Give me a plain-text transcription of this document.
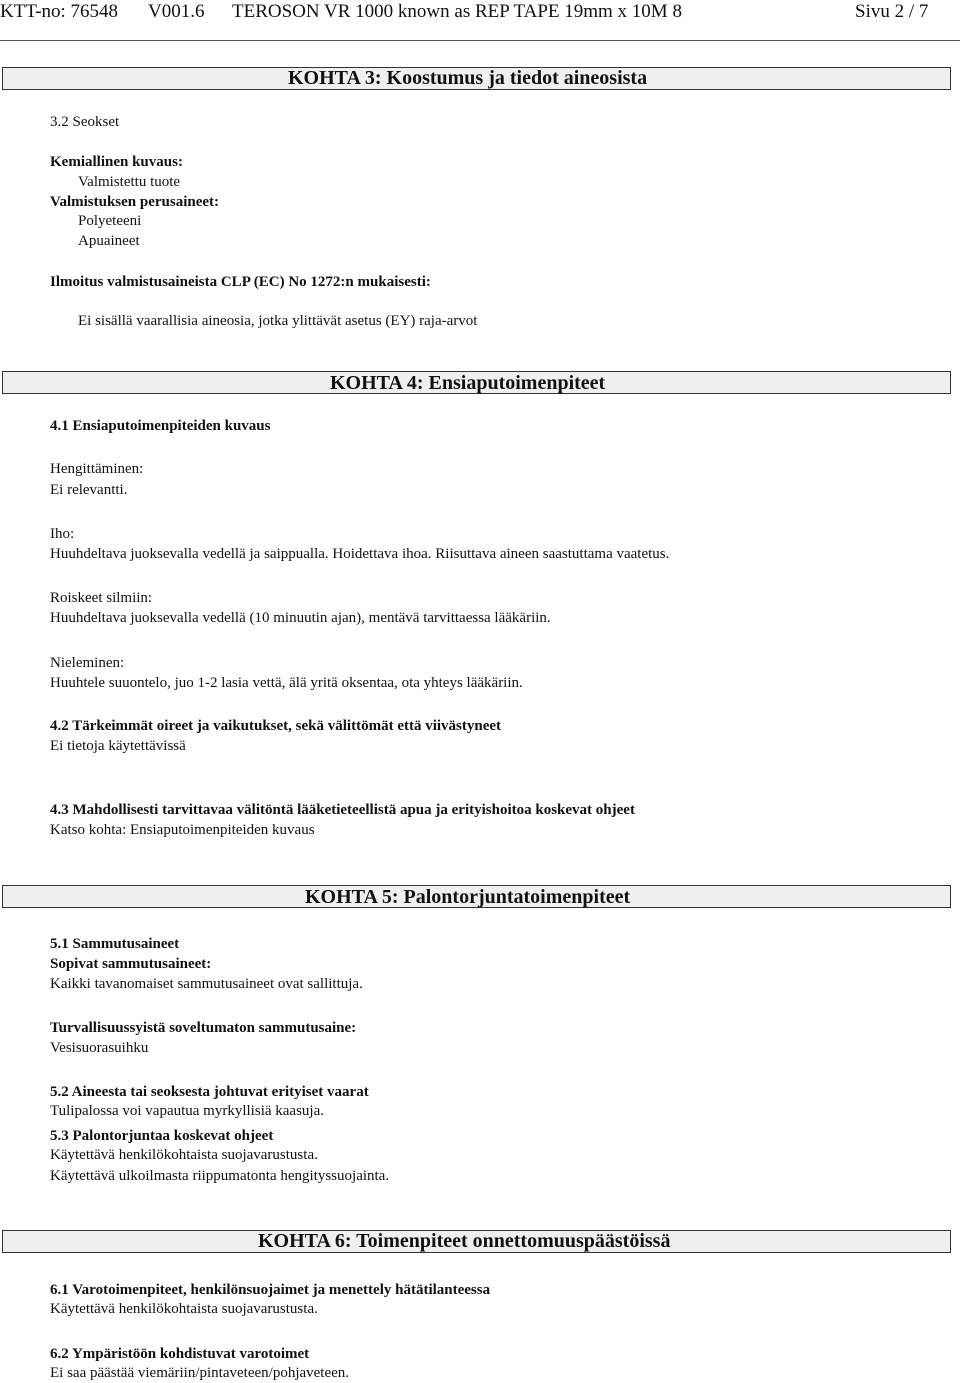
KTT-no: 76548 V001.6 TEROSON VR 1000 known as REP TAPE 19mm x 10M 8	Sivu 2 / 7
KOHTA 3: Koostumus ja tiedot aineosista
3.2 Seokset
Kemiallinen kuvaus:
Valmistettu tuote
Valmistuksen perusaineet:
Polyeteeni
Apuaineet
Ilmoitus valmistusaineista CLP (EC) No 1272:n mukaisesti:
Ei sisällä vaarallisia aineosia, jotka ylittävät asetus (EY) raja-arvot
KOHTA 4: Ensiaputoimenpiteet
4.1 Ensiaputoimenpiteiden kuvaus
Hengittäminen:
Ei relevantti.
Iho:
Huuhdeltava juoksevalla vedellä ja saippualla. Hoidettava ihoa. Riisuttava aineen saastuttama vaatetus.
Roiskeet silmiin:
Huuhdeltava juoksevalla vedellä (10 minuutin ajan), mentävä tarvittaessa lääkäriin.
Nieleminen:
Huuhtele suuontelo, juo 1-2 lasia vettä, älä yritä oksentaa, ota yhteys lääkäriin.
4.2 Tärkeimmät oireet ja vaikutukset, sekä välittömät että viivästyneet
Ei tietoja käytettävissä
4.3 Mahdollisesti tarvittavaa välitöntä lääketieteellistä apua ja erityishoitoa koskevat ohjeet
Katso kohta: Ensiaputoimenpiteiden kuvaus
KOHTA 5: Palontorjuntatoimenpiteet
5.1 Sammutusaineet
Sopivat sammutusaineet:
Kaikki tavanomaiset sammutusaineet ovat sallittuja.
Turvallisuussyistä soveltumaton sammutusaine:
Vesisuorasuihku
5.2 Aineesta tai seoksesta johtuvat erityiset vaarat
Tulipalossa voi vapautua myrkyllisiä kaasuja.
5.3 Palontorjuntaa koskevat ohjeet
Käytettävä henkilökohtaista suojavarustusta.
Käytettävä ulkoilmasta riippumatonta hengityssuojainta.
KOHTA 6: Toimenpiteet onnettomuuspäästöissä
6.1 Varotoimenpiteet, henkilönsuojaimet ja menettely hätätilanteessa
Käytettävä henkilökohtaista suojavarustusta.
6.2 Ympäristöön kohdistuvat varotoimet
Ei saa päästää viemäriin/pintaveteen/pohjaveteen.
